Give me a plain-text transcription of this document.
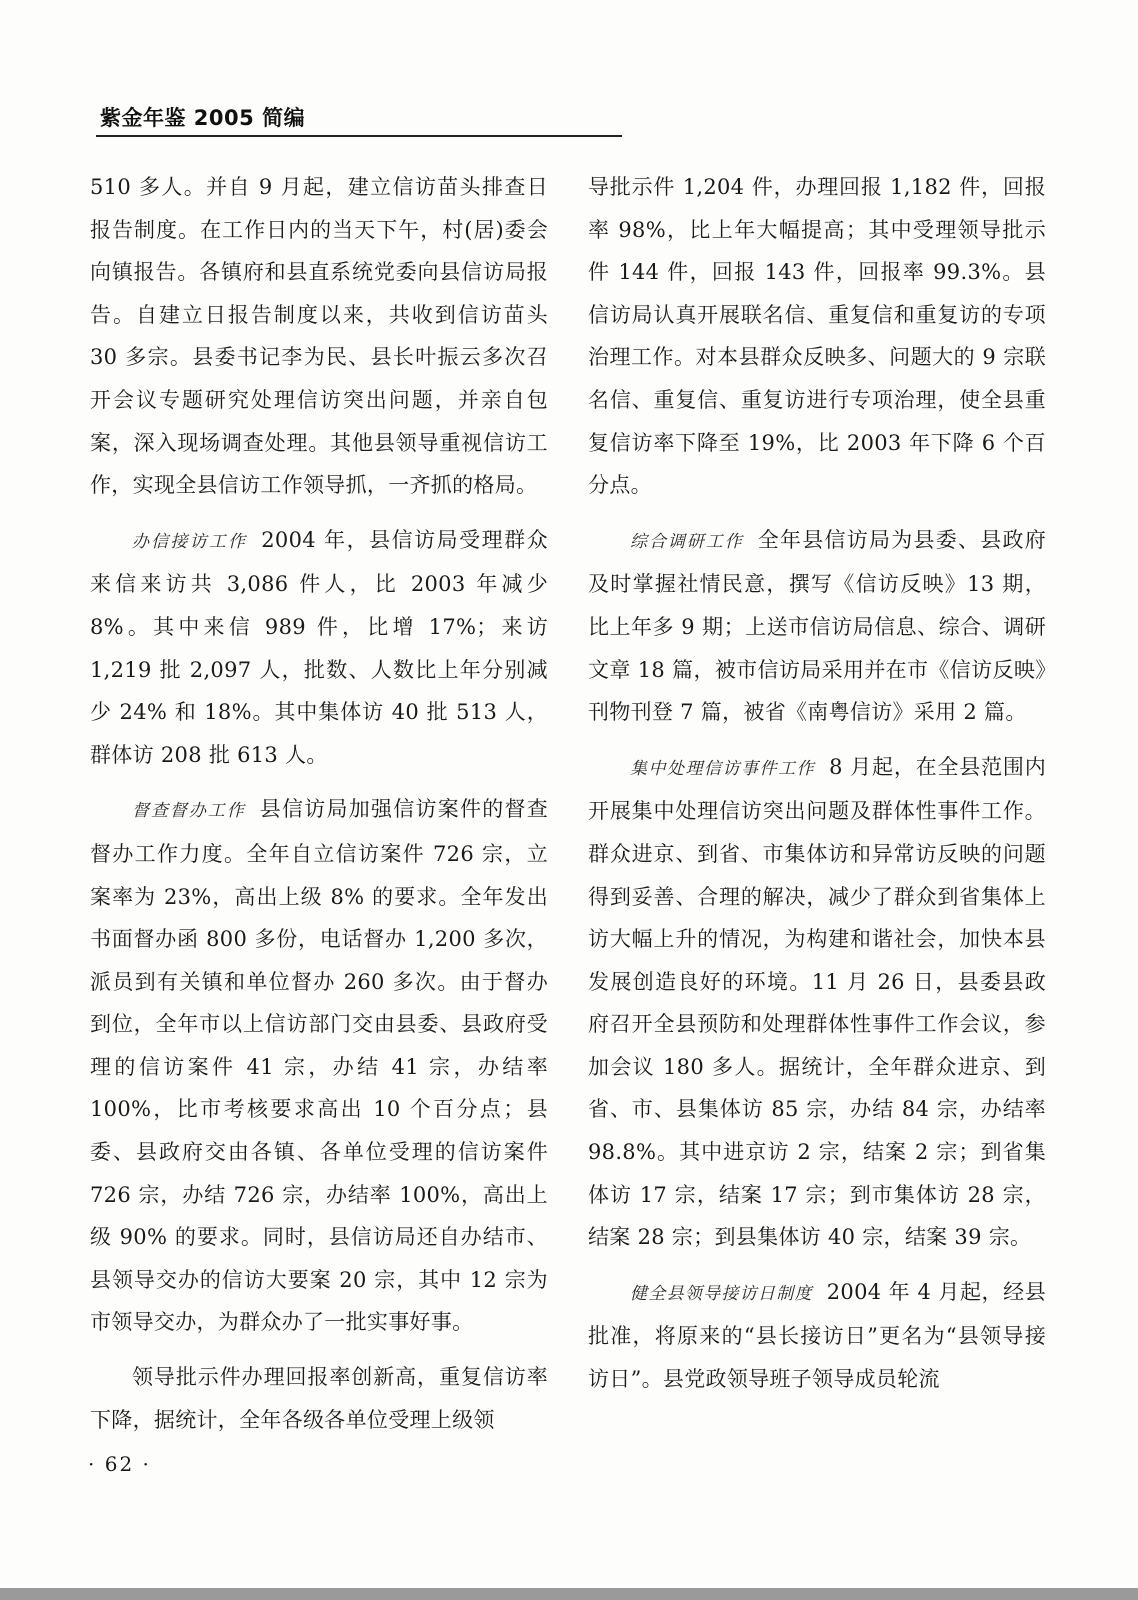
紫金年鉴 2005 简编

510 多人。并自 9 月起，建立信访苗头排查日报告制度。在工作日内的当天下午，村(居)委会向镇报告。各镇府和县直系统党委向县信访局报告。自建立日报告制度以来，共收到信访苗头 30 多宗。县委书记李为民、县长叶振云多次召开会议专题研究处理信访突出问题，并亲自包案，深入现场调查处理。其他县领导重视信访工作，实现全县信访工作领导抓，一齐抓的格局。

办信接访工作 2004 年，县信访局受理群众来信来访共 3,086 件人，比 2003 年减少 8%。其中来信 989 件，比增 17%；来访 1,219 批 2,097 人，批数、人数比上年分别减少 24% 和 18%。其中集体访 40 批 513 人，群体访 208 批 613 人。

督查督办工作 县信访局加强信访案件的督查督办工作力度。全年自立信访案件 726 宗，立案率为 23%，高出上级 8% 的要求。全年发出书面督办函 800 多份，电话督办 1,200 多次，派员到有关镇和单位督办 260 多次。由于督办到位，全年市以上信访部门交由县委、县政府受理的信访案件 41 宗，办结 41 宗，办结率 100%，比市考核要求高出 10 个百分点；县委、县政府交由各镇、各单位受理的信访案件 726 宗，办结 726 宗，办结率 100%，高出上级 90% 的要求。同时，县信访局还自办结市、县领导交办的信访大要案 20 宗，其中 12 宗为市领导交办，为群众办了一批实事好事。

领导批示件办理回报率创新高，重复信访率下降，据统计，全年各级各单位受理上级领

导批示件 1,204 件，办理回报 1,182 件，回报率 98%，比上年大幅提高；其中受理领导批示件 144 件，回报 143 件，回报率 99.3%。县信访局认真开展联名信、重复信和重复访的专项治理工作。对本县群众反映多、问题大的 9 宗联名信、重复信、重复访进行专项治理，使全县重复信访率下降至 19%，比 2003 年下降 6 个百分点。

综合调研工作 全年县信访局为县委、县政府及时掌握社情民意，撰写《信访反映》13 期，比上年多 9 期；上送市信访局信息、综合、调研文章 18 篇，被市信访局采用并在市《信访反映》刊物刊登 7 篇，被省《南粤信访》采用 2 篇。

集中处理信访事件工作 8 月起，在全县范围内开展集中处理信访突出问题及群体性事件工作。群众进京、到省、市集体访和异常访反映的问题得到妥善、合理的解决，减少了群众到省集体上访大幅上升的情况，为构建和谐社会，加快本县发展创造良好的环境。11 月 26 日，县委县政府召开全县预防和处理群体性事件工作会议，参加会议 180 多人。据统计，全年群众进京、到省、市、县集体访 85 宗，办结 84 宗，办结率 98.8%。其中进京访 2 宗，结案 2 宗；到省集体访 17 宗，结案 17 宗；到市集体访 28 宗，结案 28 宗；到县集体访 40 宗，结案 39 宗。

健全县领导接访日制度 2004 年 4 月起，经县批准，将原来的“县长接访日”更名为“县领导接访日”。县党政领导班子领导成员轮流

· 62 ·
